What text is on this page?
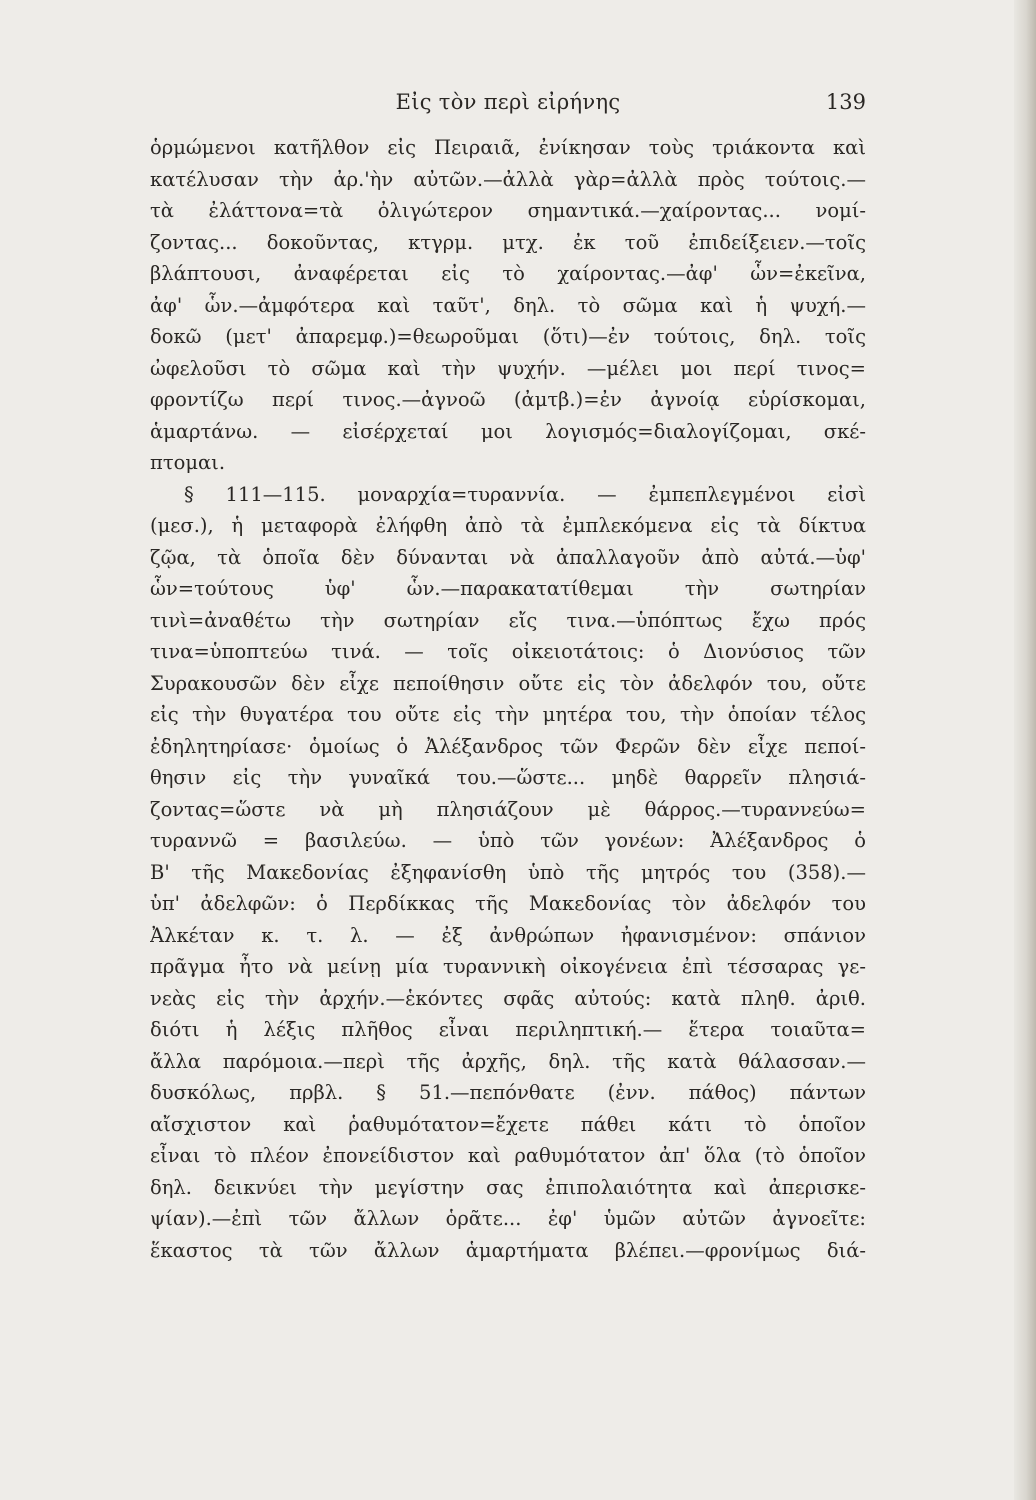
Εἰς τὸν περὶ εἰρήνης	139
ὁρμώμενοι κατῆλθον εἰς Πειραιᾶ, ἐνίκησαν τοὺς τριάκοντα καὶ
κατέλυσαν τὴν ἀρ.'ὴν αὐτῶν.—ἀλλὰ γὰρ=ἀλλὰ πρὸς τούτοις.—
τὰ ἐλάττονα=τὰ ὀλιγώτερον σημαντικά.—χαίροντας... νομί-
ζοντας... δοκοῦντας, κτγρμ. μτχ. ἐκ τοῦ ἐπιδείξειεν.—τοῖς
βλάπτουσι, ἀναφέρεται εἰς τὸ χαίροντας.—ἀφ' ὧν=ἐκεῖνα,
ἀφ' ὧν.—ἀμφότερα καὶ ταῦτ', δηλ. τὸ σῶμα καὶ ἡ ψυχή.—
δοκῶ (μετ' ἀπαρεμφ.)=θεωροῦμαι (ὅτι)—ἐν τούτοις, δηλ. τοῖς
ὠφελοῦσι τὸ σῶμα καὶ τὴν ψυχήν. —μέλει μοι περί τινος=
φροντίζω περί τινος.—ἀγνοῶ (ἀμτβ.)=ἐν ἀγνοίᾳ εὑρίσκομαι,
ἁμαρτάνω. — εἰσέρχεταί μοι λογισμός=διαλογίζομαι, σκέ-
πτομαι.
§ 111—115. μοναρχία=τυραννία. — ἐμπεπλεγμένοι εἰσὶ
(μεσ.), ἡ μεταφορὰ ἐλήφθη ἀπὸ τὰ ἐμπλεκόμενα εἰς τὰ δίκτυα
ζῷα, τὰ ὁποῖα δὲν δύνανται νὰ ἀπαλλαγοῦν ἀπὸ αὐτά.—ὑφ'
ὧν=τούτους ὑφ' ὧν.—παρακατατίθεμαι τὴν σωτηρίαν
τινὶ=ἀναθέτω τὴν σωτηρίαν εἴς τινα.—ὑπόπτως ἔχω πρός
τινα=ὑποπτεύω τινά. — τοῖς οἰκειοτάτοις: ὁ Διονύσιος τῶν
Συρακουσῶν δὲν εἶχε πεποίθησιν οὔτε εἰς τὸν ἀδελφόν του, οὔτε
εἰς τὴν θυγατέρα του οὔτε εἰς τὴν μητέρα του, τὴν ὁποίαν τέλος
ἐδηλητηρίασε· ὁμοίως ὁ Ἀλέξανδρος τῶν Φερῶν δὲν εἶχε πεποί-
θησιν εἰς τὴν γυναῖκά του.—ὥστε... μηδὲ θαρρεῖν πλησιά-
ζοντας=ὥστε νὰ μὴ πλησιάζουν μὲ θάρρος.—τυραννεύω=
τυραννῶ = βασιλεύω. — ὑπὸ τῶν γονέων: Ἀλέξανδρος ὁ
Β' τῆς Μακεδονίας ἐξηφανίσθη ὑπὸ τῆς μητρός του (358).—
ὑπ' ἀδελφῶν: ὁ Περδίκκας τῆς Μακεδονίας τὸν ἀδελφόν του
Ἀλκέταν κ. τ. λ. — ἐξ ἀνθρώπων ἠφανισμένον: σπάνιον
πρᾶγμα ἦτο νὰ μείνῃ μία τυραννικὴ οἰκογένεια ἐπὶ τέσσαρας γε-
νεὰς εἰς τὴν ἀρχήν.—ἑκόντες σφᾶς αὐτούς: κατὰ πληθ. ἀριθ.
διότι ἡ λέξις πλῆθος εἶναι περιληπτική.— ἕτερα τοιαῦτα=
ἄλλα παρόμοια.—περὶ τῆς ἀρχῆς, δηλ. τῆς κατὰ θάλασσαν.—
δυσκόλως, πρβλ. § 51.—πεπόνθατε (ἐνν. πάθος) πάντων
αἴσχιστον καὶ ῥαθυμότατον=ἔχετε πάθει κάτι τὸ ὁποῖον
εἶναι τὸ πλέον ἐπονείδιστον καὶ ραθυμότατον ἀπ' ὅλα (τὸ ὁποῖον
δηλ. δεικνύει τὴν μεγίστην σας ἐπιπολαιότητα καὶ ἀπερισκε-
ψίαν).—ἐπὶ τῶν ἄλλων ὁρᾶτε... ἐφ' ὑμῶν αὐτῶν ἀγνοεῖτε:
ἕκαστος τὰ τῶν ἄλλων ἁμαρτήματα βλέπει.—φρονίμως διά-
